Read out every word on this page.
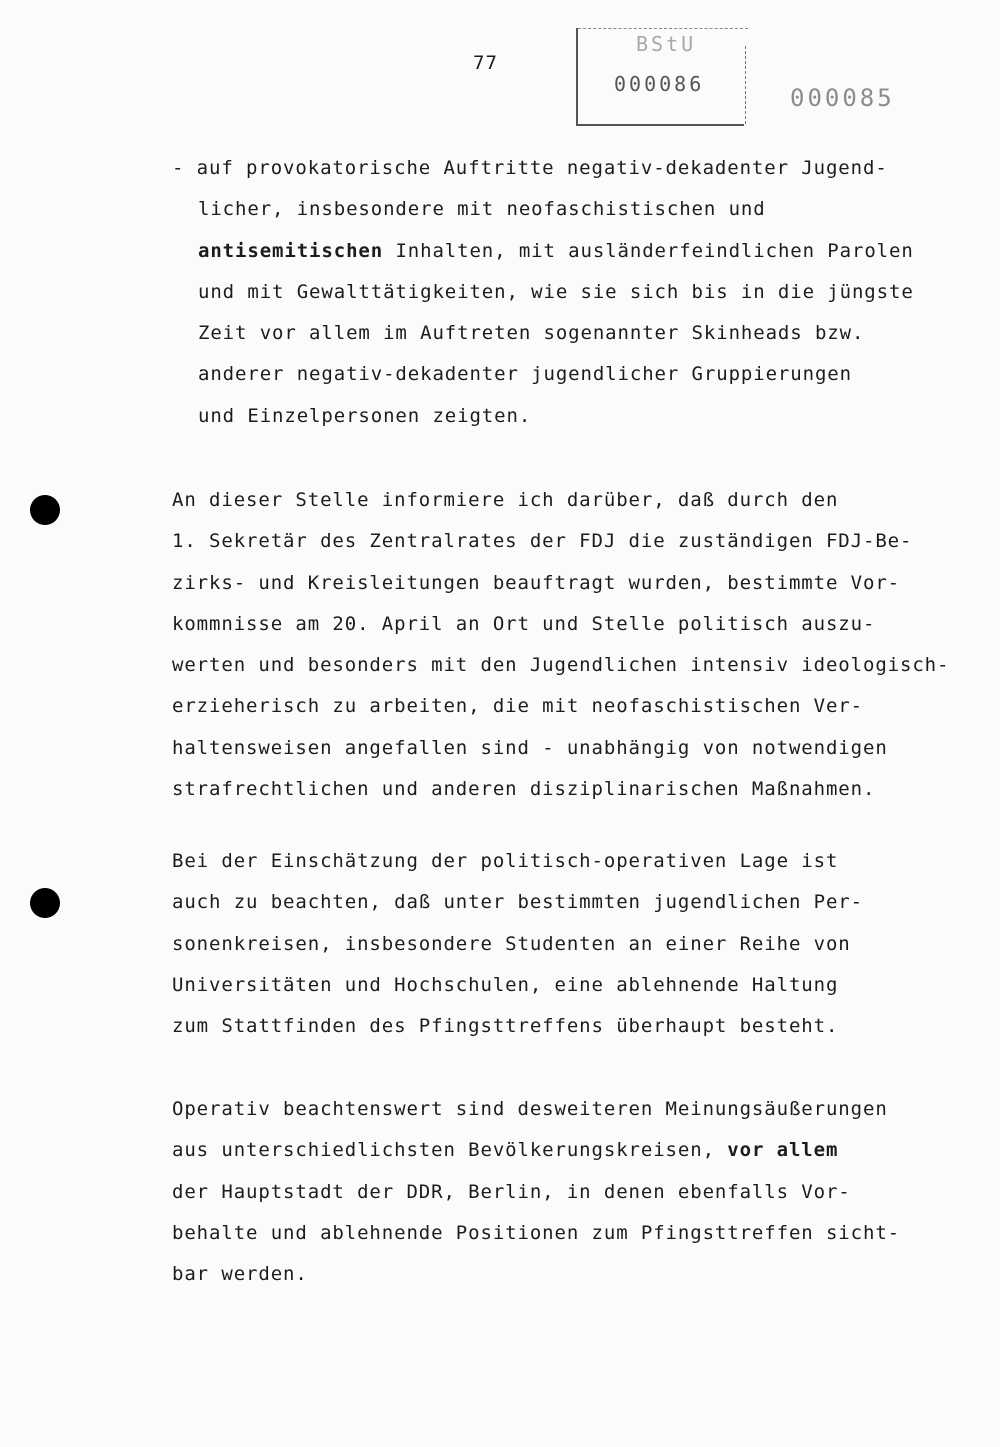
77
BStU
000086	000085
- auf provokatorische Auftritte negativ-dekadenter Jugend-
licher, insbesondere mit neofaschistischen und
antisemitischen Inhalten, mit ausländerfeindlichen Parolen
und mit Gewalttätigkeiten, wie sie sich bis in die jüngste
Zeit vor allem im Auftreten sogenannter Skinheads bzw.
anderer negativ-dekadenter jugendlicher Gruppierungen
und Einzelpersonen zeigten.
An dieser Stelle informiere ich darüber, daß durch den
1. Sekretär des Zentralrates der FDJ die zuständigen FDJ-Be-
zirks- und Kreisleitungen beauftragt wurden, bestimmte Vor-
kommnisse am 20. April an Ort und Stelle politisch auszu-
werten und besonders mit den Jugendlichen intensiv ideologisch-
erzieherisch zu arbeiten, die mit neofaschistischen Ver-
haltensweisen angefallen sind - unabhängig von notwendigen
strafrechtlichen und anderen disziplinarischen Maßnahmen.
Bei der Einschätzung der politisch-operativen Lage ist
auch zu beachten, daß unter bestimmten jugendlichen Per-
sonenkreisen, insbesondere Studenten an einer Reihe von
Universitäten und Hochschulen, eine ablehnende Haltung
zum Stattfinden des Pfingsttreffens überhaupt besteht.
Operativ beachtenswert sind desweiteren Meinungsäußerungen
aus unterschiedlichsten Bevölkerungskreisen, vor allem
der Hauptstadt der DDR, Berlin, in denen ebenfalls Vor-
behalte und ablehnende Positionen zum Pfingsttreffen sicht-
bar werden.
